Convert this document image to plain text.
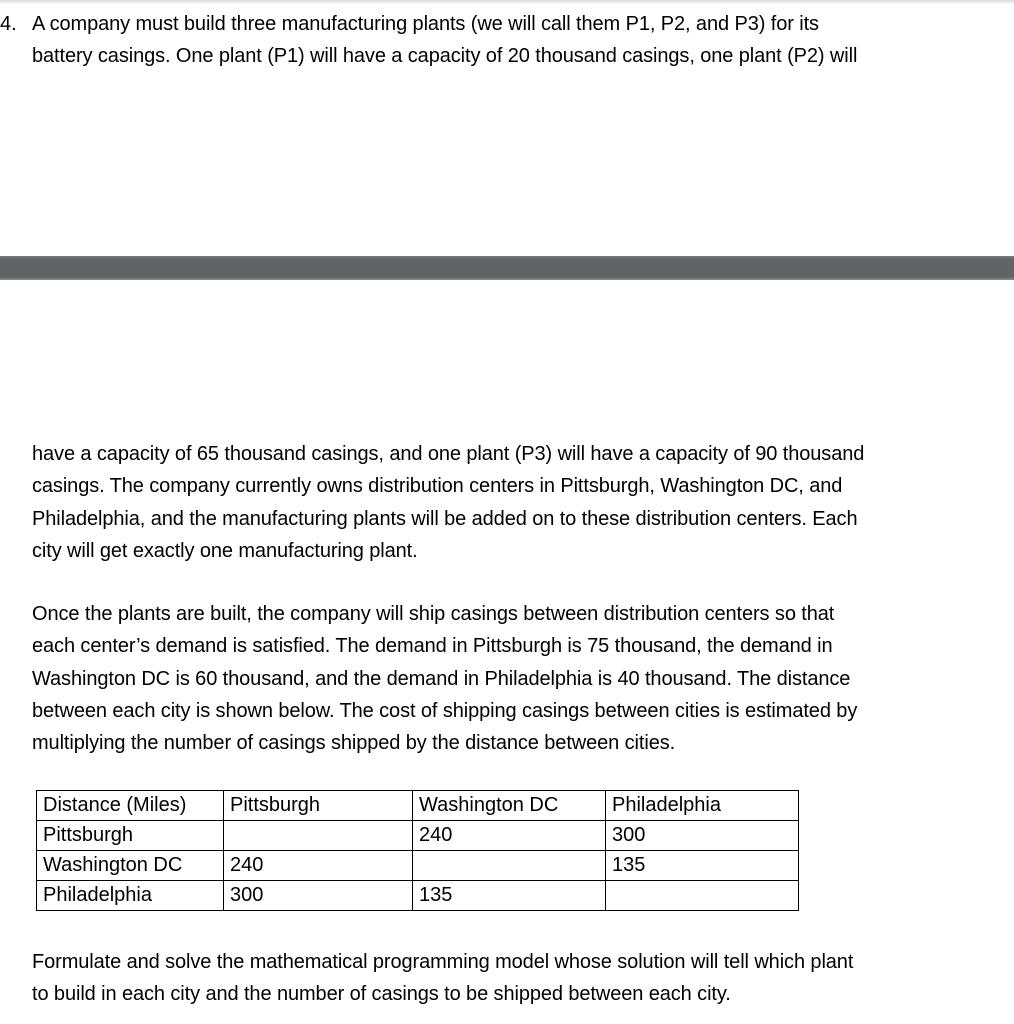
4. A company must build three manufacturing plants (we will call them P1, P2, and P3) for its
battery casings. One plant (P1) will have a capacity of 20 thousand casings, one plant (P2) will
have a capacity of 65 thousand casings, and one plant (P3) will have a capacity of 90 thousand
casings. The company currently owns distribution centers in Pittsburgh, Washington DC, and
Philadelphia, and the manufacturing plants will be added on to these distribution centers. Each
city will get exactly one manufacturing plant.
Once the plants are built, the company will ship casings between distribution centers so that
each center’s demand is satisfied. The demand in Pittsburgh is 75 thousand, the demand in
Washington DC is 60 thousand, and the demand in Philadelphia is 40 thousand. The distance
between each city is shown below. The cost of shipping casings between cities is estimated by
multiplying the number of casings shipped by the distance between cities.
Distance (Miles)	Pittsburgh	Washington DC	Philadelphia
Pittsburgh		240	300
Washington DC	240		135
Philadelphia	300	135	
Formulate and solve the mathematical programming model whose solution will tell which plant
to build in each city and the number of casings to be shipped between each city.
